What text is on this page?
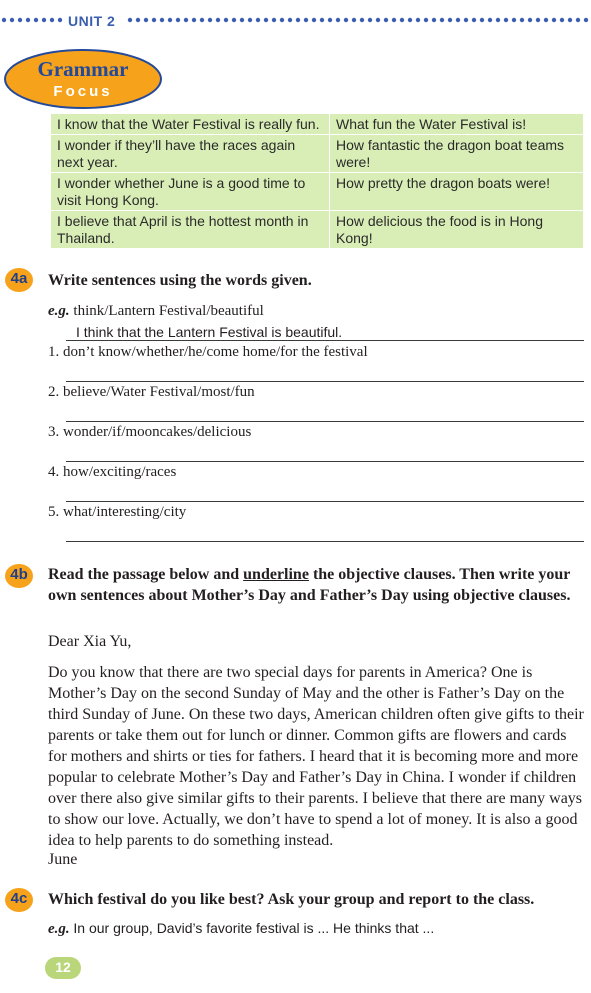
UNIT 2
Grammar
Focus
I know that the Water Festival is really fun.	What fun the Water Festival is!
I wonder if they’ll have the races again next year.	How fantastic the dragon boat teams were!
I wonder whether June is a good time to visit Hong Kong.	How pretty the dragon boats were!
I believe that April is the hottest month in Thailand.	How delicious the food is in Hong Kong!
4a	Write sentences using the words given.
e.g. think/Lantern Festival/beautiful
I think that the Lantern Festival is beautiful.
1. don’t know/whether/he/come home/for the festival
2. believe/Water Festival/most/fun
3. wonder/if/mooncakes/delicious
4. how/exciting/races
5. what/interesting/city
4b	Read the passage below and underline the objective clauses. Then write your own sentences about Mother’s Day and Father’s Day using objective clauses.
Dear Xia Yu,
Do you know that there are two special days for parents in America? One is Mother’s Day on the second Sunday of May and the other is Father’s Day on the third Sunday of June. On these two days, American children often give gifts to their parents or take them out for lunch or dinner. Common gifts are flowers and cards for mothers and shirts or ties for fathers. I heard that it is becoming more and more popular to celebrate Mother’s Day and Father’s Day in China. I wonder if children over there also give similar gifts to their parents. I believe that there are many ways to show our love. Actually, we don’t have to spend a lot of money. It is also a good idea to help parents to do something instead.
June
4c	Which festival do you like best? Ask your group and report to the class.
e.g. In our group, David’s favorite festival is ... He thinks that ...
12
